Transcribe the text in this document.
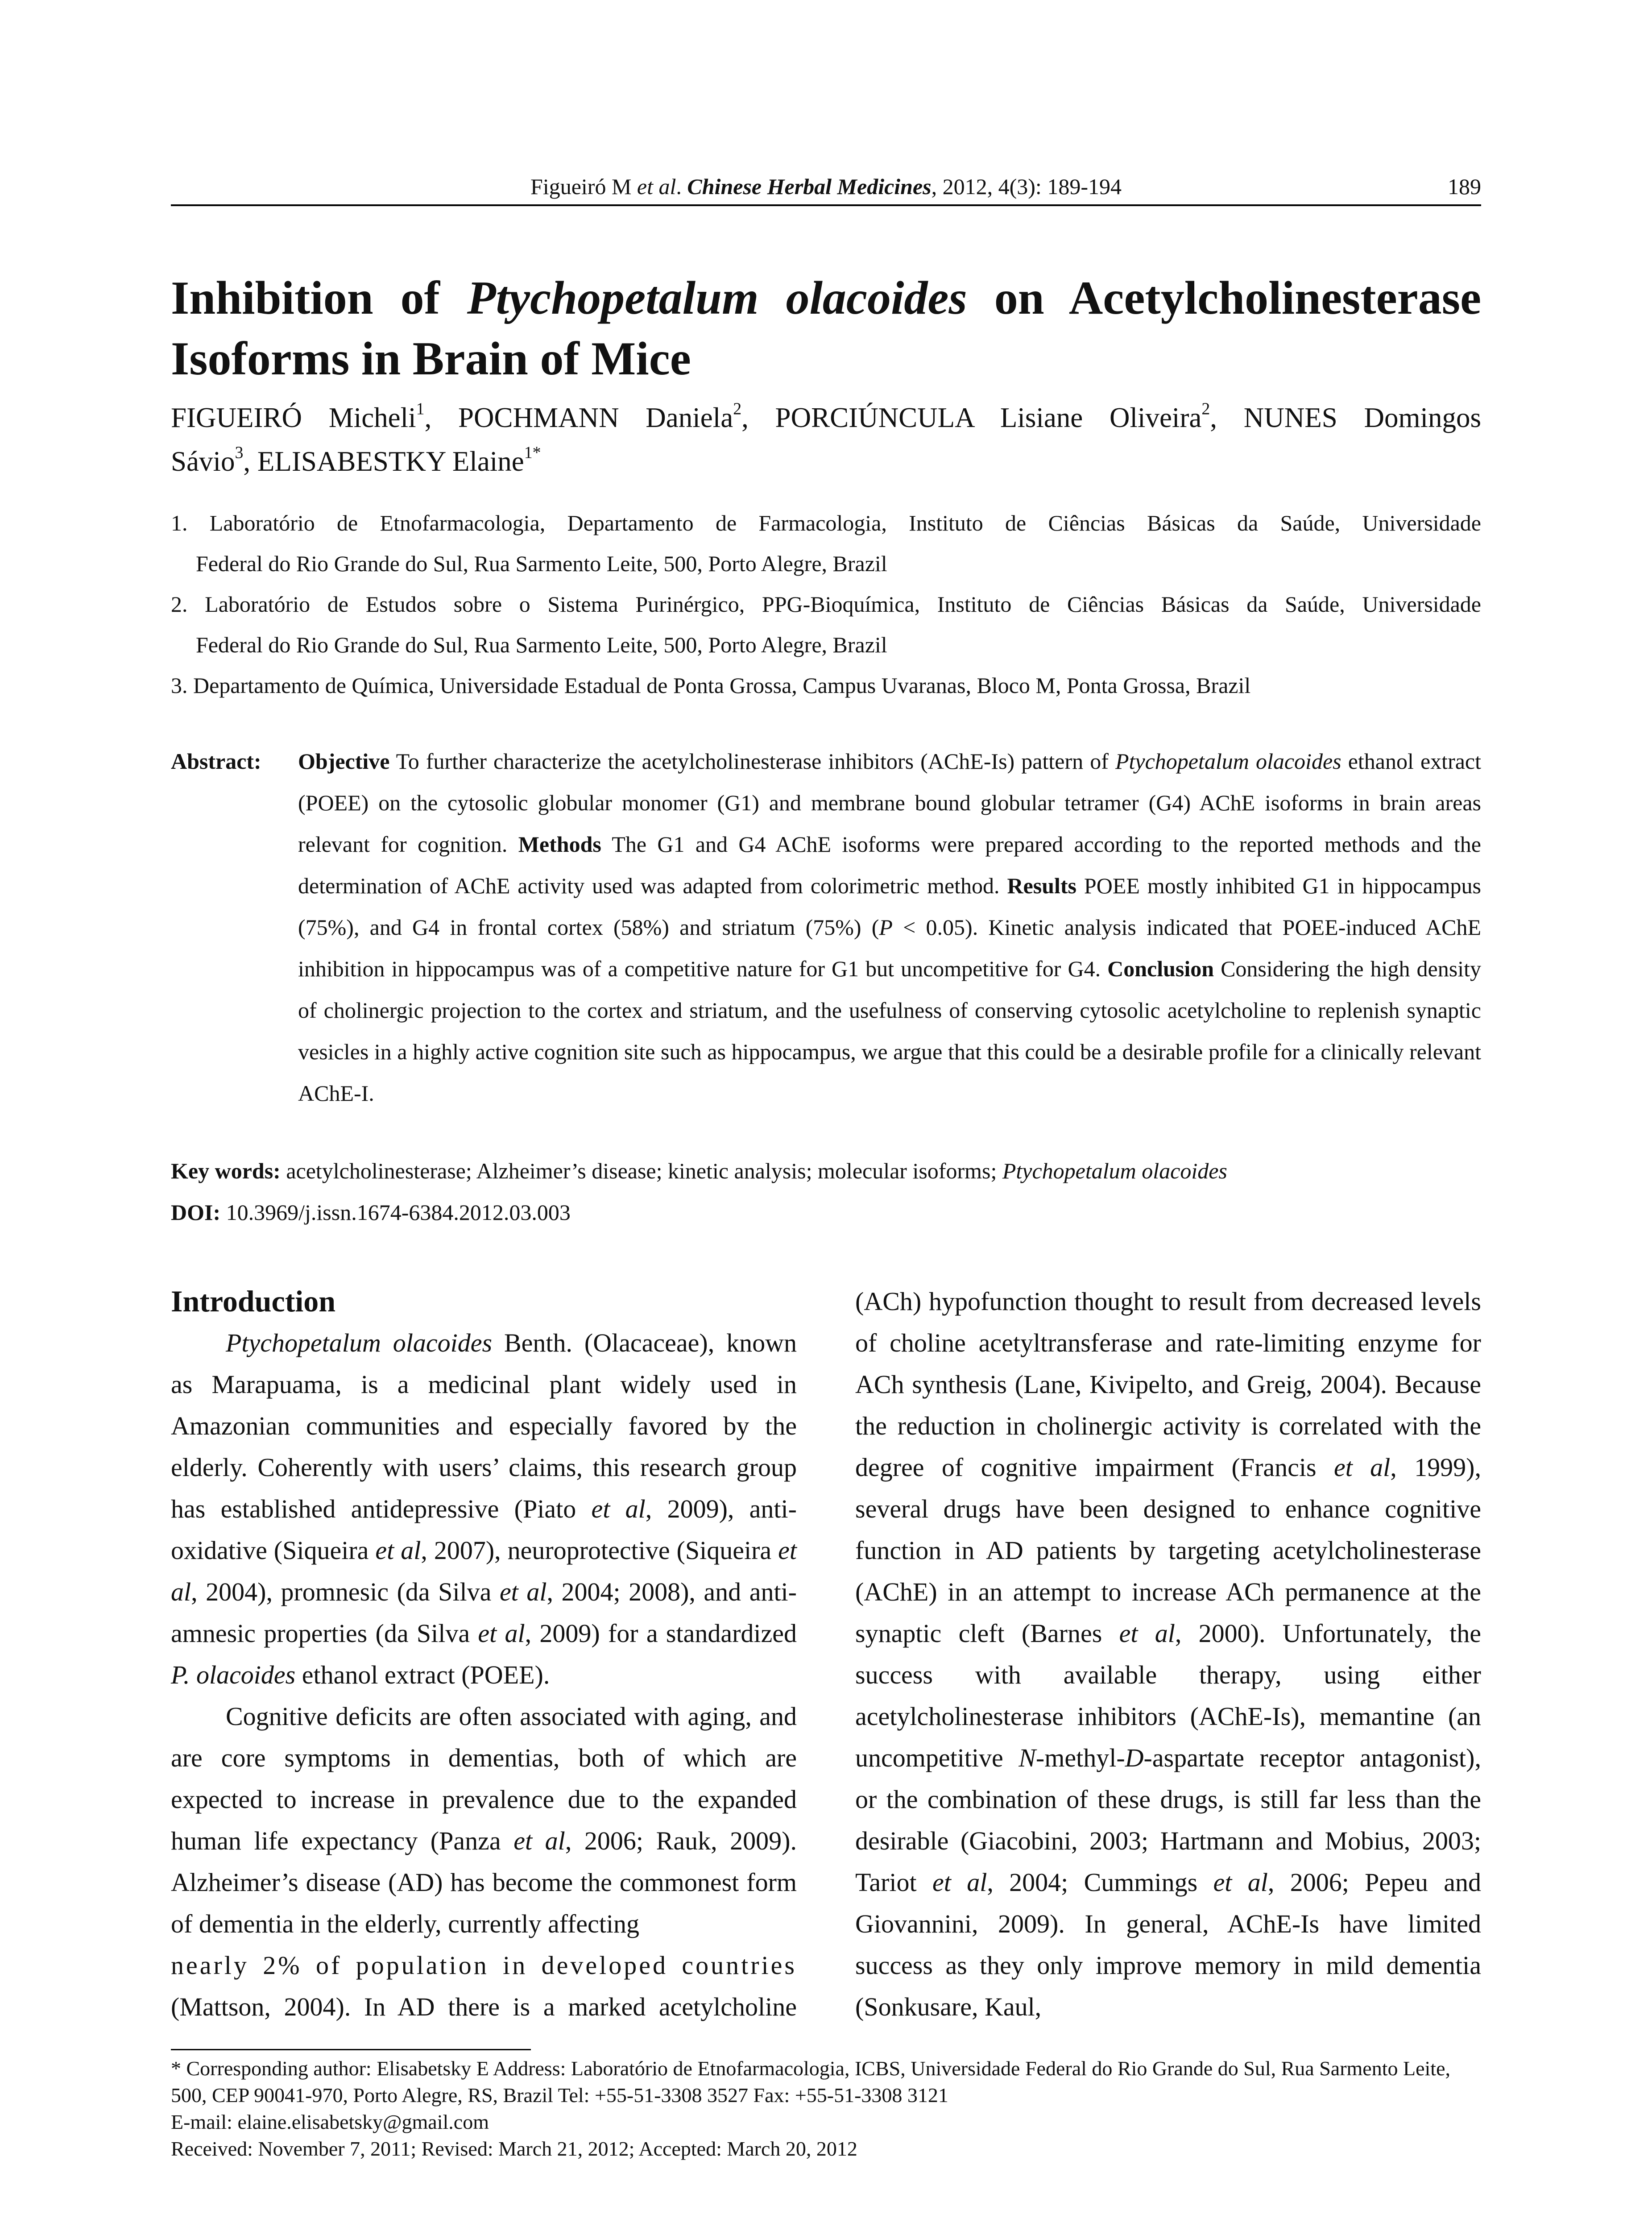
Figueiró M et al. Chinese Herbal Medicines, 2012, 4(3): 189-194	189
Inhibition of Ptychopetalum olacoides on Acetylcholinesterase
Isoforms in Brain of Mice
FIGUEIRÓ Micheli$^1$, POCHMANN Daniela$^2$, PORCIÚNCULA Lisiane Oliveira$^2$, NUNES Domingos
Sávio$^3$, ELISABESTKY Elaine$^{1*}$
1. Laboratório de Etnofarmacologia, Departamento de Farmacologia, Instituto de Ciências Básicas da Saúde, Universidade
Federal do Rio Grande do Sul, Rua Sarmento Leite, 500, Porto Alegre, Brazil
2. Laboratório de Estudos sobre o Sistema Purinérgico, PPG-Bioquímica, Instituto de Ciências Básicas da Saúde, Universidade
Federal do Rio Grande do Sul, Rua Sarmento Leite, 500, Porto Alegre, Brazil
3. Departamento de Química, Universidade Estadual de Ponta Grossa, Campus Uvaranas, Bloco M, Ponta Grossa, Brazil
Abstract:	Objective To further characterize the acetylcholinesterase inhibitors (AChE-Is) pattern of Ptychopetalum olacoides ethanol extract (POEE) on the cytosolic globular monomer (G1) and membrane bound globular tetramer (G4) AChE isoforms in brain areas relevant for cognition. Methods The G1 and G4 AChE isoforms were prepared according to the reported methods and the determination of AChE activity used was adapted from colorimetric method. Results POEE mostly inhibited G1 in hippocampus (75%), and G4 in frontal cortex (58%) and striatum (75%) (P < 0.05). Kinetic analysis indicated that POEE-induced AChE inhibition in hippocampus was of a competitive nature for G1 but uncompetitive for G4. Conclusion Considering the high density of cholinergic projection to the cortex and striatum, and the usefulness of conserving cytosolic acetylcholine to replenish synaptic vesicles in a highly active cognition site such as hippocampus, we argue that this could be a desirable profile for a clinically relevant AChE-I.

Key words: acetylcholinesterase; Alzheimer’s disease; kinetic analysis; molecular isoforms; Ptychopetalum olacoides
DOI: 10.3969/j.issn.1674-6384.2012.03.003
Introduction

Ptychopetalum olacoides Benth. (Olacaceae), known as Marapuama, is a medicinal plant widely used in Amazonian communities and especially favored by the elderly. Coherently with users’ claims, this research group has established antidepressive (Piato et al, 2009), anti-oxidative (Siqueira et al, 2007), neuroprotective (Siqueira et al, 2004), promnesic (da Silva et al, 2004; 2008), and anti-amnesic properties (da Silva et al, 2009) for a standardized P. olacoides ethanol extract (POEE).

Cognitive deficits are often associated with aging, and are core symptoms in dementias, both of which are expected to increase in prevalence due to the expanded human life expectancy (Panza et al, 2006; Rauk, 2009). Alzheimer’s disease (AD) has become the commonest form of dementia in the elderly, currently affecting

nearly 2% of population in developed countries
(Mattson, 2004). In AD there is a marked acetylcholine

(ACh) hypofunction thought to result from decreased levels of choline acetyltransferase and rate-limiting enzyme for ACh synthesis (Lane, Kivipelto, and Greig, 2004). Because the reduction in cholinergic activity is correlated with the degree of cognitive impairment (Francis et al, 1999), several drugs have been designed to enhance cognitive function in AD patients by targeting acetylcholinesterase (AChE) in an attempt to increase ACh permanence at the synaptic cleft (Barnes et al, 2000). Unfortunately, the success with available therapy, using either acetylcholinesterase inhibitors (AChE-Is), memantine (an uncompetitive N-methyl-D-aspartate receptor antagonist), or the combination of these drugs, is still far less than the desirable (Giacobini, 2003; Hartmann and Mobius, 2003; Tariot et al, 2004; Cummings et al, 2006; Pepeu and Giovannini, 2009). In general, AChE-Is have limited success as they only improve memory in mild dementia (Sonkusare, Kaul,

* Corresponding author: Elisabetsky E Address: Laboratório de Etnofarmacologia, ICBS, Universidade Federal do Rio Grande do Sul, Rua Sarmento Leite, 500, CEP 90041-970, Porto Alegre, RS, Brazil Tel: +55-51-3308 3527 Fax: +55-51-3308 3121
E-mail: elaine.elisabetsky@gmail.com
Received: November 7, 2011; Revised: March 21, 2012; Accepted: March 20, 2012
